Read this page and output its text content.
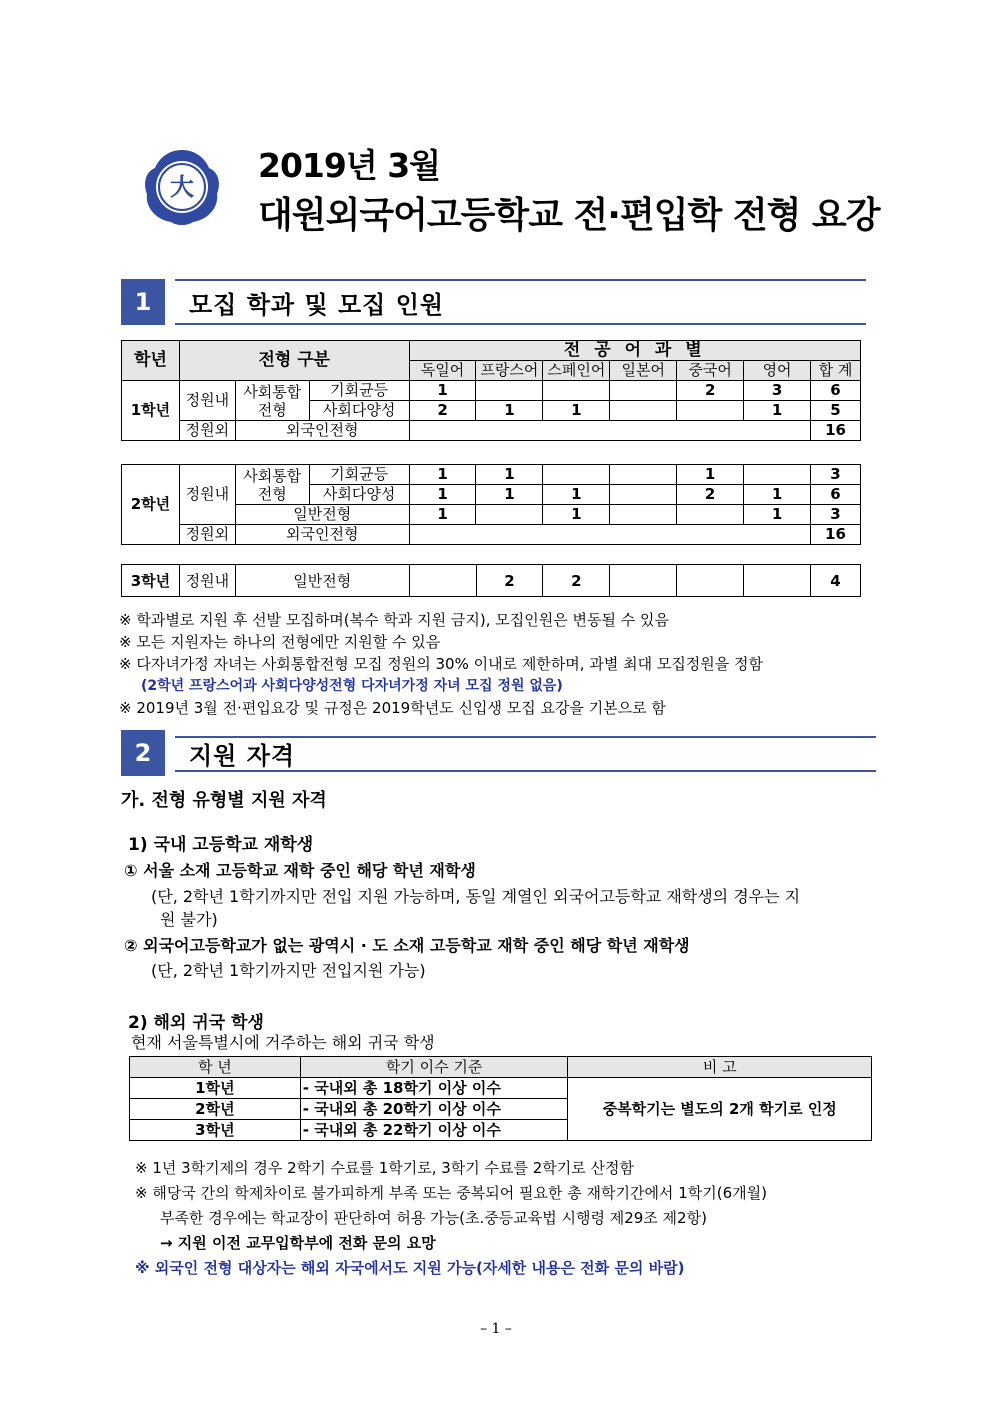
大
2019년 3월
대원외국어고등학교 전·편입학 전형 요강
1	모집 학과 및 모집 인원
학년	전형 구분			전 공 어 과 별						
				독일어	프랑스어	스페인어	일본어	중국어	영어	합 계
1학년	정원내	사회통합 전형	기회균등	1				2	3	6
			사회다양성	2	1	1			1	5
	정원외	외국인전형								16
2학년	정원내	사회통합 전형	기회균등	1	1			1		3
			사회다양성	1	1	1		2	1	6
		일반전형		1		1			1	3
	정원외	외국인전형								16
3학년	정원내	일반전형		2	2				4
※ 학과별로 지원 후 선발 모집하며(복수 학과 지원 금지), 모집인원은 변동될 수 있음
※ 모든 지원자는 하나의 전형에만 지원할 수 있음
※ 다자녀가정 자녀는 사회통합전형 모집 정원의 30% 이내로 제한하며, 과별 최대 모집정원을 정함
(2학년 프랑스어과 사회다양성전형 다자녀가정 자녀 모집 정원 없음)
※ 2019년 3월 전·편입요강 및 규정은 2019학년도 신입생 모집 요강을 기본으로 함
2	지원 자격
가. 전형 유형별 지원 자격
1) 국내 고등학교 재학생
① 서울 소재 고등학교 재학 중인 해당 학년 재학생
(단, 2학년 1학기까지만 전입 지원 가능하며, 동일 계열인 외국어고등학교 재학생의 경우는 지
원 불가)
② 외국어고등학교가 없는 광역시 · 도 소재 고등학교 재학 중인 해당 학년 재학생
(단, 2학년 1학기까지만 전입지원 가능)
2) 해외 귀국 학생
현재 서울특별시에 거주하는 해외 귀국 학생
학 년	학기 이수 기준	비 고
1학년	- 국내외 총 18학기 이상 이수	중복학기는 별도의 2개 학기로 인정
2학년	- 국내외 총 20학기 이상 이수	
3학년	- 국내외 총 22학기 이상 이수	
※ 1년 3학기제의 경우 2학기 수료를 1학기로, 3학기 수료를 2학기로 산정함
※ 해당국 간의 학제차이로 불가피하게 부족 또는 중복되어 필요한 총 재학기간에서 1학기(6개월)
부족한 경우에는 학교장이 판단하여 허용 가능(초.중등교육법 시행령 제29조 제2항)
→ 지원 이전 교무입학부에 전화 문의 요망
※ 외국인 전형 대상자는 해외 자국에서도 지원 가능(자세한 내용은 전화 문의 바람)
– 1 –
